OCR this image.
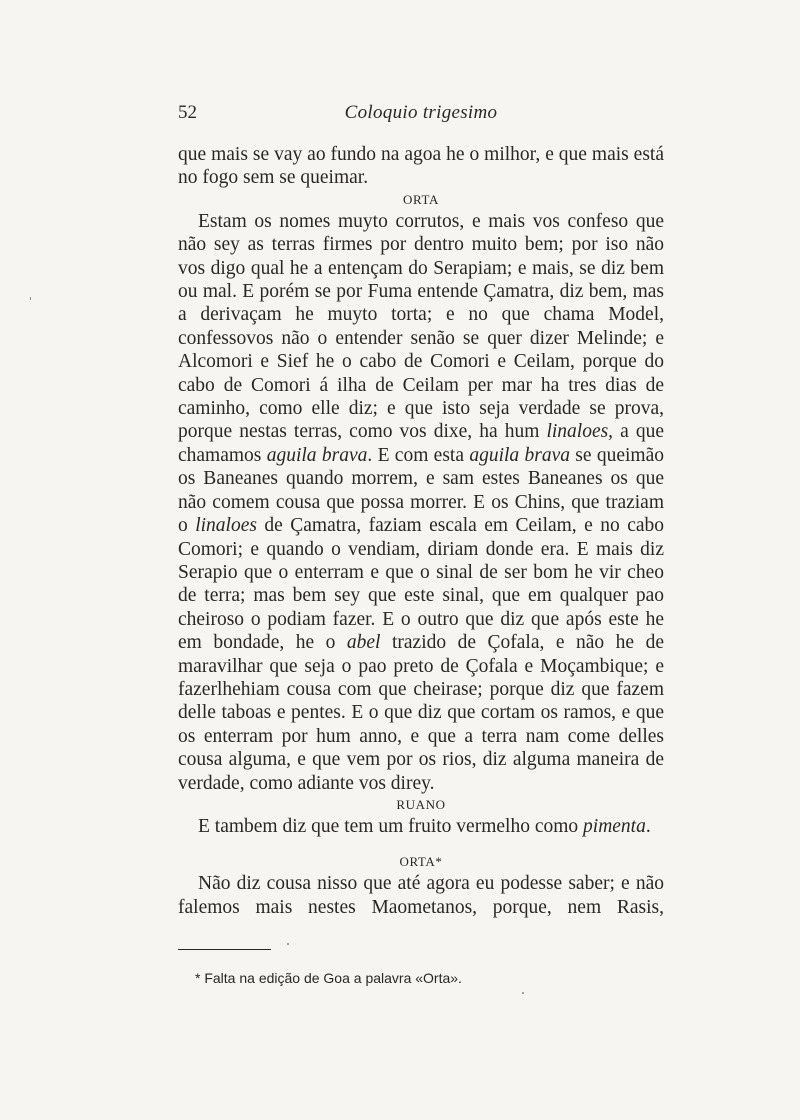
52	Coloquio trigesimo

que mais se vay ao fundo na agoa he o milhor, e que mais está no fogo sem se queimar.

ORTA

Estam os nomes muyto corrutos, e mais vos confeso que não sey as terras firmes por dentro muito bem; por iso não vos digo qual he a entençam do Serapiam; e mais, se diz bem ou mal. E porém se por Fuma entende Çamatra, diz bem, mas a derivaçam he muyto torta; e no que chama Model, confessovos não o entender senão se quer dizer Melinde; e Alcomori e Sief he o cabo de Comori e Ceilam, porque do cabo de Comori á ilha de Ceilam per mar ha tres dias de caminho, como elle diz; e que isto seja verdade se prova, porque nestas terras, como vos dixe, ha hum linaloes, a que chamamos aguila brava. E com esta aguila brava se queimão os Baneanes quando morrem, e sam estes Baneanes os que não comem cousa que possa morrer. E os Chins, que traziam o linaloes de Çamatra, faziam escala em Ceilam, e no cabo Comori; e quando o vendiam, diriam donde era. E mais diz Serapio que o enterram e que o sinal de ser bom he vir cheo de terra; mas bem sey que este sinal, que em qualquer pao cheiroso o podiam fazer. E o outro que diz que após este he em bondade, he o abel trazido de Çofala, e não he de maravilhar que seja o pao preto de Çofala e Moçambique; e fazerlhehiam cousa com que cheirase; porque diz que fazem delle taboas e pentes. E o que diz que cortam os ramos, e que os enterram por hum anno, e que a terra nam come delles cousa alguma, e que vem por os rios, diz alguma maneira de verdade, como adiante vos direy.

RUANO

E tambem diz que tem um fruito vermelho como pimenta.

ORTA*

Não diz cousa nisso que até agora eu podesse saber; e não falemos mais nestes Maometanos, porque, nem Rasis,

* Falta na edição de Goa a palavra «Orta».
